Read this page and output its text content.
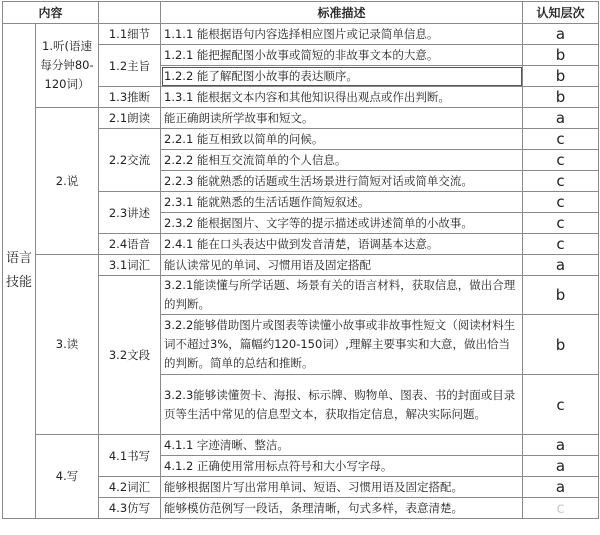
内容			标准描述	认知层次
语言技能	1.听(语速每分钟80-120词）	1.1细节	1.1.1 能根据语句内容选择相应图片或记录简单信息。	a
		1.2主旨	1.2.1 能把握配图小故事或简短的非故事文本的大意。	b
			1.2.2 能了解配图小故事的表达顺序。	b
		1.3推断	1.3.1 能根据文本内容和其他知识得出观点或作出判断。	b
	2.说	2.1朗读	能正确朗读所学故事和短文。	a
		2.2交流	2.2.1 能互相致以简单的问候。	c
			2.2.2 能相互交流简单的个人信息。	c
			2.2.3 能就熟悉的话题或生活场景进行简短对话或简单交流。	c
		2.3讲述	2.3.1 能就熟悉的生活话题作简短叙述。	c
			2.3.2 能根据图片、文字等的提示描述或讲述简单的小故事。	c
		2.4语音	2.4.1 能在口头表达中做到发音清楚，语调基本达意。	c
	3.读	3.1词汇	能认读常见的单词、习惯用语及固定搭配	a
		3.2文段	3.2.1能读懂与所学话题、场景有关的语言材料，获取信息，做出合理的判断。	b
			3.2.2能够借助图片或图表等读懂小故事或非故事性短文（阅读材料生词不超过3%，篇幅约120-150词）,理解主要事实和大意，做出恰当的判断。简单的总结和推断。	b
			3.2.3能够读懂贺卡、海报、标示牌、购物单、图表、书的封面或目录页等生活中常见的信息型文本，获取指定信息，解决实际问题。	c
	4.写	4.1书写	4.1.1 字迹清晰、整洁。	a
			4.1.2 正确使用常用标点符号和大小写字母。	a
		4.2词汇	能够根据图片写出常用单词、短语、习惯用语及固定搭配。	a
		4.3仿写	能够模仿范例写一段话，条理清晰，句式多样，表意清楚。	c
